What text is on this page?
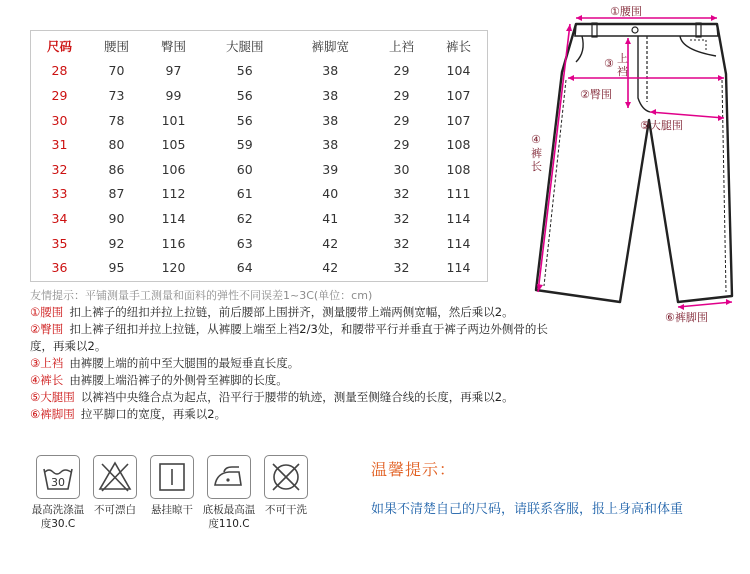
尺码	腰围	臀围	大腿围	裤脚宽	上裆	裤长
28	70	97	56	38	29	104
29	73	99	56	38	29	107
30	78	101	56	38	29	107
31	80	105	59	38	29	108
32	86	106	60	39	30	108
33	87	112	61	40	32	111
34	90	114	62	41	32	114
35	92	116	63	42	32	114
36	95	120	64	42	32	114
友情提示：平铺测量手工测量和面料的弹性不同误差1~3C(单位：cm)

①腰围 扣上裤子的纽扣并拉上拉链，前后腰部上围拼齐，测量腰带上端两侧宽幅，然后乘以2。

②臀围 扣上裤子纽扣并拉上拉链，从裤腰上端至上裆2/3处，和腰带平行并垂直于裤子两边外侧骨的长度，再乘以2。

③上裆 由裤腰上端的前中至大腿围的最短垂直长度。

④裤长 由裤腰上端沿裤子的外侧骨至裤脚的长度。

⑤大腿围 以裤裆中央缝合点为起点，沿平行于腰带的轨迹，测量至侧缝合线的长度，再乘以2。

⑥裤脚围 拉平脚口的宽度，再乘以2。

30
最高洗涤温度30.C
不可漂白	悬挂晾干 底板最高温度110.C
不可干洗
温馨提示：
如果不清楚自己的尺码，请联系客服，报上身高和体重
①腰围
②臀围
③ 上
裆
④
裤
长
⑤大腿围
⑥裤脚围
